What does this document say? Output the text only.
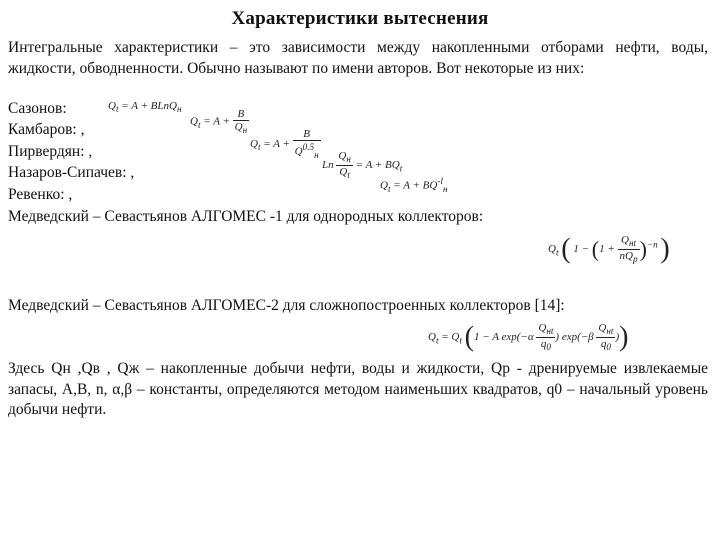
Характеристики вытеснения
Интегральные характеристики – это зависимости между накопленными отборами нефти, воды, жидкости, обводненности. Обычно называют по имени авторов. Вот некоторые из них:
Сазонов:
Камбаров: ,
Пирвердян: ,
Назаров-Сипачев: ,
Ревенко: ,
Медведский – Севастьянов АЛГОМЕС -1 для однородных коллекторов:
$Q_t = A$ + BLnQ$_н$
$Q_t = A + \frac{B}{Q_н}$
$Q_t = A + \frac{B}{Q^{0.5}_н}$
Ln $\frac{Q_н}{Q_t} = A + BQ_t$
$Q_t = A + BQ^{-l}_н$
$Q_t$ ( $1 - (1 + \frac{Q_{нt}}{nQ_p} )^{-n}$ )
Медведский – Севастьянов АЛГОМЕС-2 для сложнопостроенных коллекторов [14]:
$Q_t = Q_t$ (1 − A $\exp(-\alpha \frac{Q_{нt}}{q_0}$ ) $\exp(-\beta \frac{Q_{нt}}{q_0}$ ))
Здесь Qн ,Qв , Qж – накопленные добычи нефти, воды и жидкости, Qр - дренируемые извлекаемые запасы, А,В, n, α,β – константы, определяются методом наименьших квадратов, q0 – начальный уровень добычи нефти.
